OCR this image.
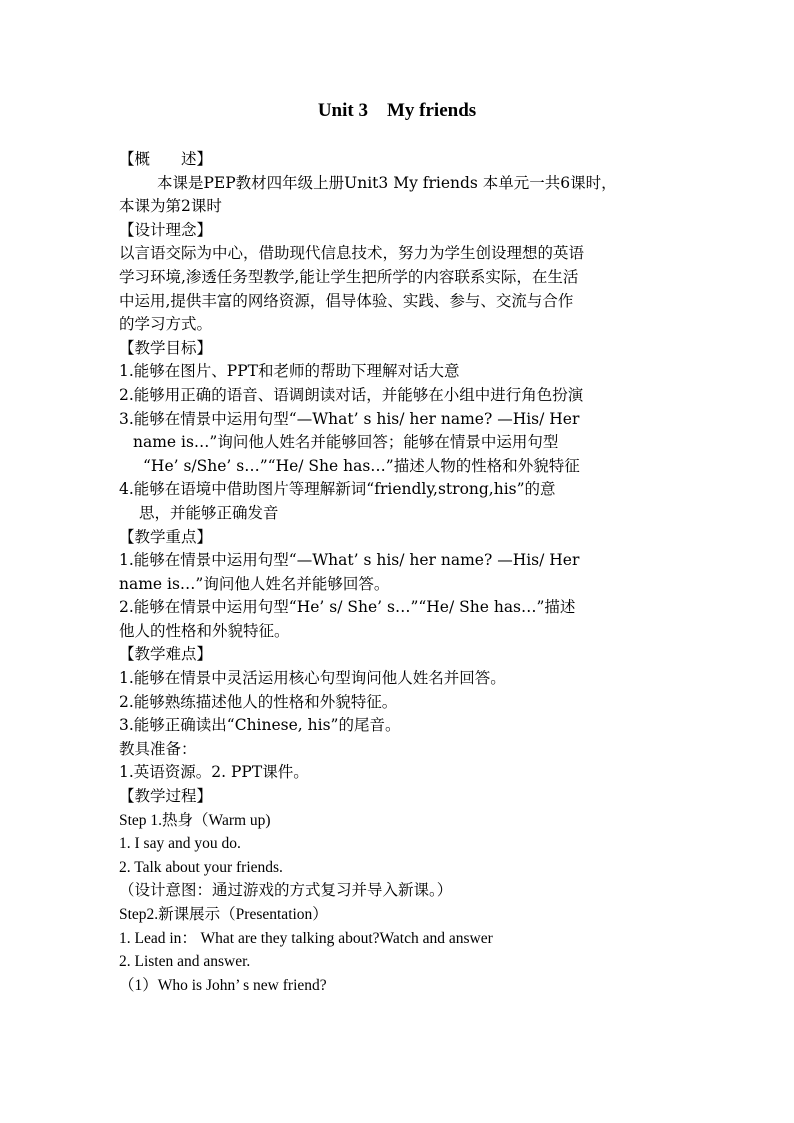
Unit 3    My friends

【概　　述】

本课是PEP教材四年级上册Unit3 My friends 本单元一共6课时，

本课为第2课时

【设计理念】

以言语交际为中心，借助现代信息技术，努力为学生创设理想的英语

学习环境,渗透任务型教学,能让学生把所学的内容联系实际，在生活

中运用,提供丰富的网络资源，倡导体验、实践、参与、交流与合作

的学习方式。

【教学目标】

1.能够在图片、PPT和老师的帮助下理解对话大意

2.能够用正确的语音、语调朗读对话，并能够在小组中进行角色扮演

3.能够在情景中运用句型“—What’ s his/ her name? —His/ Her

name is…”询问他人姓名并能够回答；能够在情景中运用句型

“He’ s/She’ s…”“He/ She has…”描述人物的性格和外貌特征

4.能够在语境中借助图片等理解新词“friendly,strong,his”的意

思，并能够正确发音

【教学重点】

1.能够在情景中运用句型“—What’ s his/ her name? —His/ Her

name is…”询问他人姓名并能够回答。

2.能够在情景中运用句型“He’ s/ She’ s…”“He/ She has…”描述

他人的性格和外貌特征。

【教学难点】

1.能够在情景中灵活运用核心句型询问他人姓名并回答。

2.能够熟练描述他人的性格和外貌特征。

3.能够正确读出“Chinese, his”的尾音。

教具准备：

1.英语资源。2. PPT课件。

【教学过程】

Step 1.热身（Warm up)

1. I say and you do.

2. Talk about your friends.

（设计意图：通过游戏的方式复习并导入新课。）

Step2.新课展示（Presentation）

1. Lead in： What are they talking about?Watch and answer

2. Listen and answer.

（1）Who is John’ s new friend?
